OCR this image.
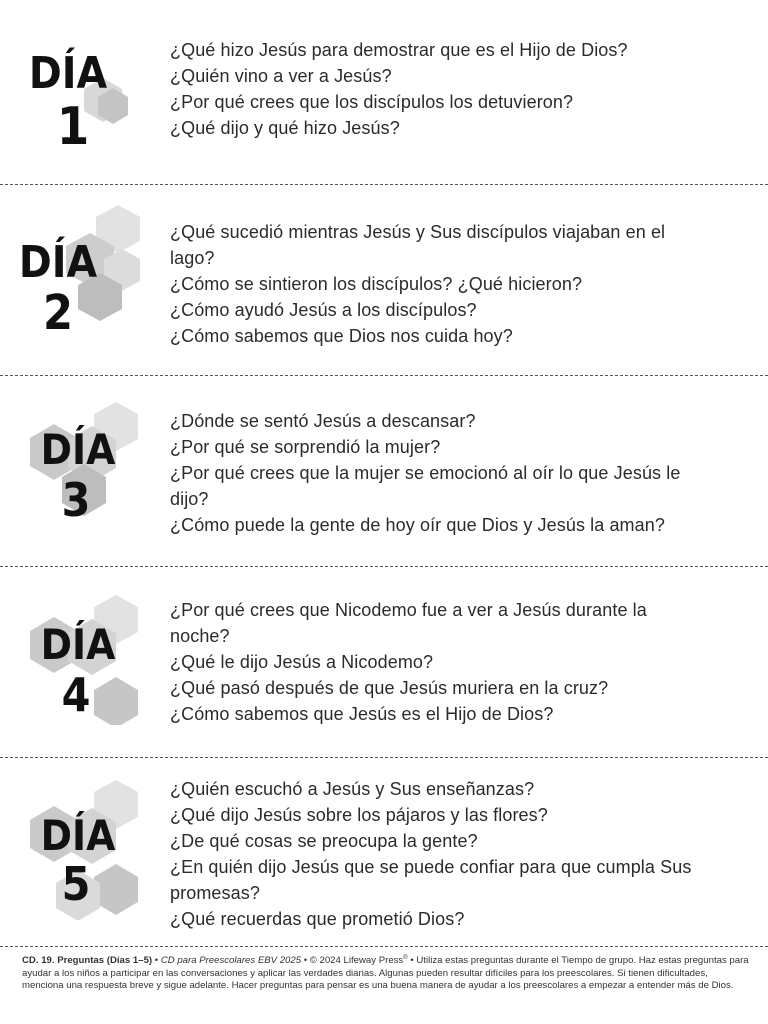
DÍA
1
¿Qué hizo Jesús para demostrar que es el Hijo de Dios?
¿Quién vino a ver a Jesús?
¿Por qué crees que los discípulos los detuvieron?
¿Qué dijo y qué hizo Jesús?
DÍA
2
¿Qué sucedió mientras Jesús y Sus discípulos viajaban en el lago?
¿Cómo se sintieron los discípulos? ¿Qué hicieron?
¿Cómo ayudó Jesús a los discípulos?
¿Cómo sabemos que Dios nos cuida hoy?
DÍA
3
¿Dónde se sentó Jesús a descansar?
¿Por qué se sorprendió la mujer?
¿Por qué crees que la mujer se emocionó al oír lo que Jesús le dijo?
¿Cómo puede la gente de hoy oír que Dios y Jesús la aman?
DÍA
4
¿Por qué crees que Nicodemo fue a ver a Jesús durante la noche?
¿Qué le dijo Jesús a Nicodemo?
¿Qué pasó después de que Jesús muriera en la cruz?
¿Cómo sabemos que Jesús es el Hijo de Dios?
DÍA
5
¿Quién escuchó a Jesús y Sus enseñanzas?
¿Qué dijo Jesús sobre los pájaros y las flores?
¿De qué cosas se preocupa la gente?
¿En quién dijo Jesús que se puede confiar para que cumpla Sus promesas?
¿Qué recuerdas que prometió Dios?
CD. 19. Preguntas (Días 1–5) • CD para Preescolares EBV 2025 • © 2024 Lifeway Press® • Utiliza estas preguntas durante el Tiempo de grupo. Haz estas preguntas para ayudar a los niños a participar en las conversaciones y aplicar las verdades diarias. Algunas pueden resultar difíciles para los preescolares. Si tienen dificultades, menciona una respuesta breve y sigue adelante. Hacer preguntas para pensar es una buena manera de ayudar a los preescolares a empezar a entender más de Dios.
